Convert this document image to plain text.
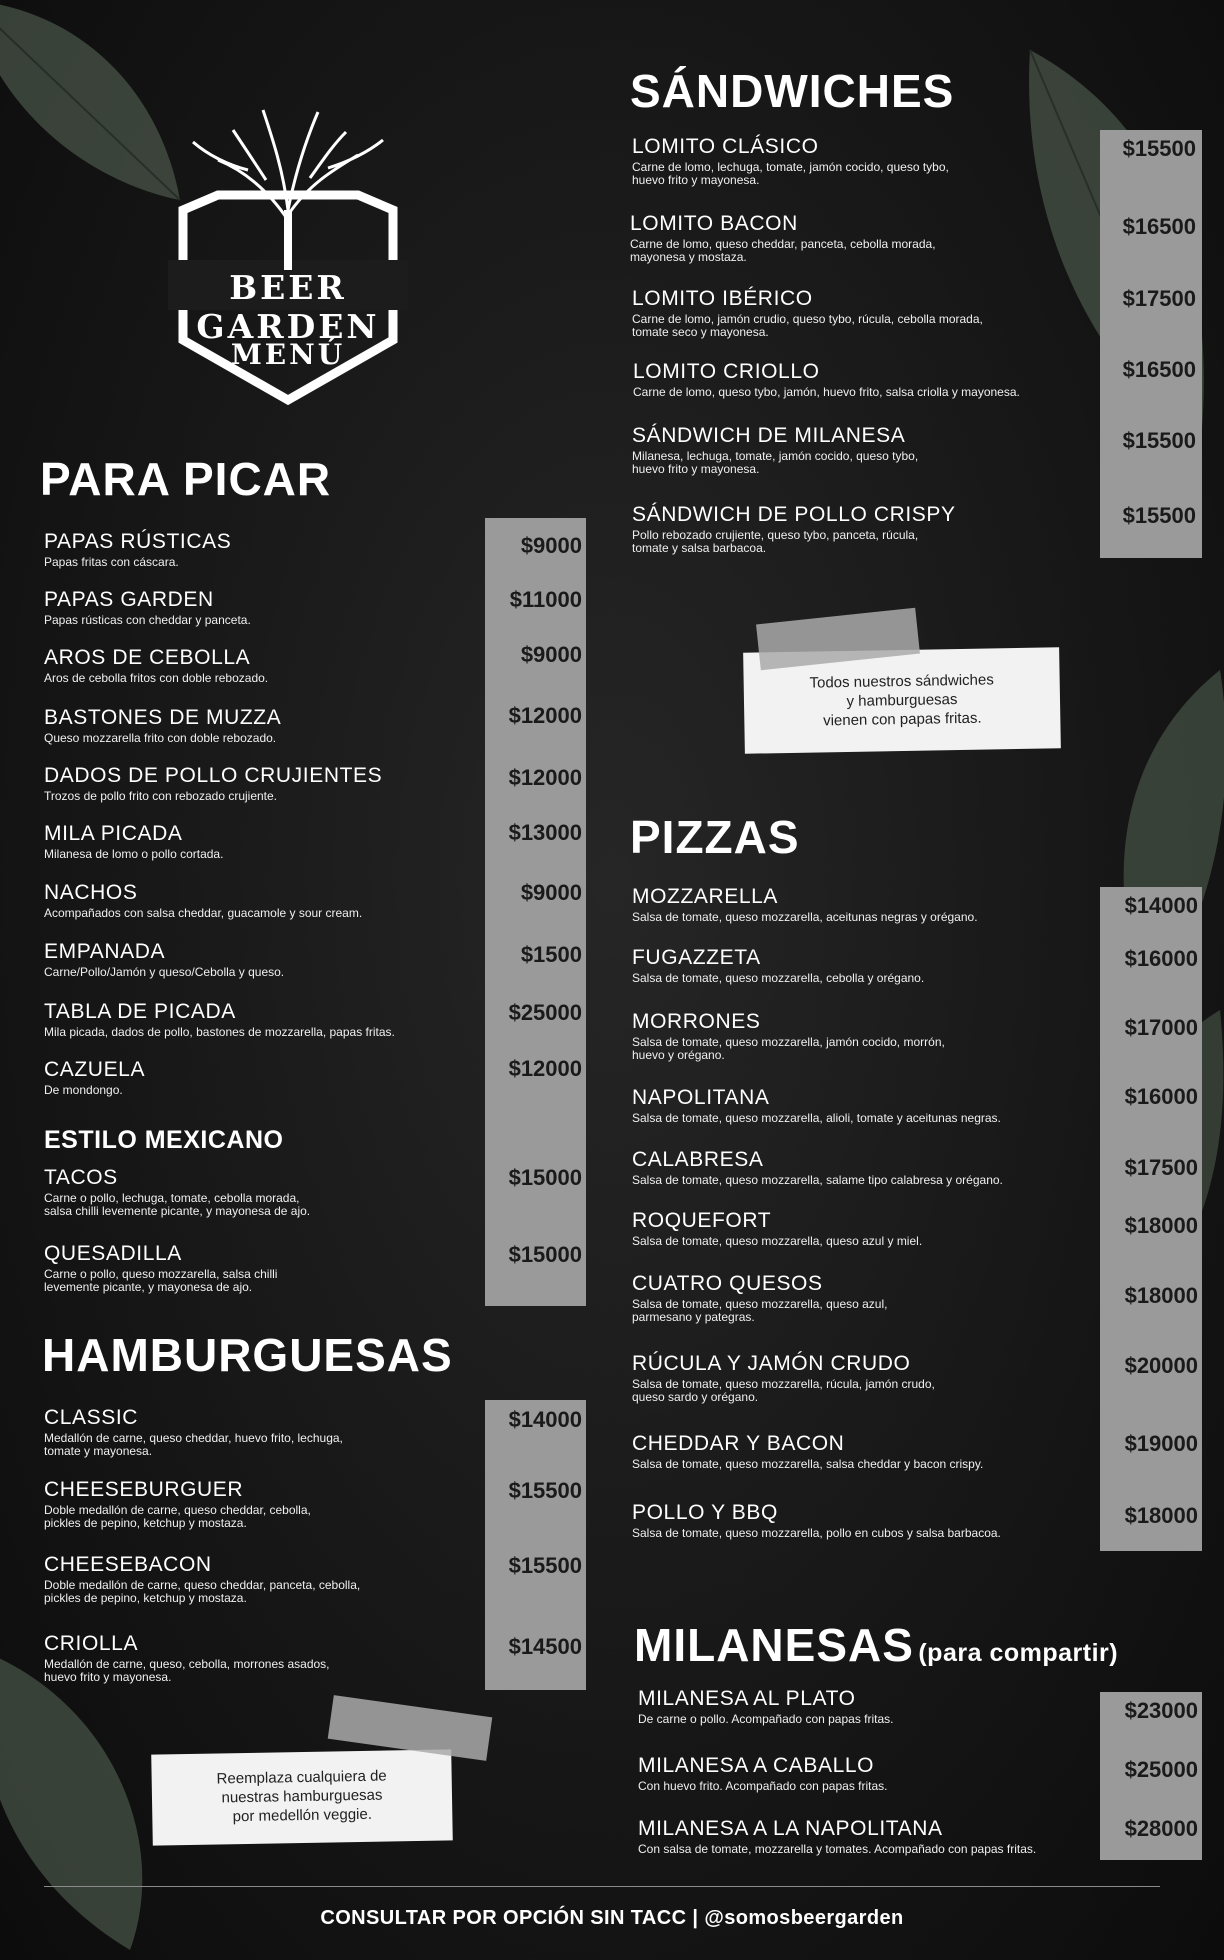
BEER GARDEN
MENÚ
PARA PICAR
PAPAS RÚSTICAS
Papas fritas con cáscara.
$9000
PAPAS GARDEN
Papas rústicas con cheddar y panceta.
$11000
AROS DE CEBOLLA
Aros de cebolla fritos con doble rebozado.
$9000
BASTONES DE MUZZA
Queso mozzarella frito con doble rebozado.
$12000
DADOS DE POLLO CRUJIENTES
Trozos de pollo frito con rebozado crujiente.
$12000
MILA PICADA
Milanesa de lomo o pollo cortada.
$13000
NACHOS
Acompañados con salsa cheddar, guacamole y sour cream.
$9000
EMPANADA
Carne/Pollo/Jamón y queso/Cebolla y queso.
$1500
TABLA DE PICADA
Mila picada, dados de pollo, bastones de mozzarella, papas fritas.
$25000
CAZUELA
De mondongo.
$12000
ESTILO MEXICANO
TACOS
Carne o pollo, lechuga, tomate, cebolla morada,
salsa chilli levemente picante, y mayonesa de ajo.
$15000
QUESADILLA
Carne o pollo, queso mozzarella, salsa chilli
levemente picante, y mayonesa de ajo.
$15000
HAMBURGUESAS
CLASSIC
Medallón de carne, queso cheddar, huevo frito, lechuga,
tomate y mayonesa.
$14000
CHEESEBURGUER
Doble medallón de carne, queso cheddar, cebolla,
pickles de pepino, ketchup y mostaza.
$15500
CHEESEBACON
Doble medallón de carne, queso cheddar, panceta, cebolla,
pickles de pepino, ketchup y mostaza.
$15500
CRIOLLA
Medallón de carne, queso, cebolla, morrones asados,
huevo frito y mayonesa.
$14500
Reemplaza cualquiera de
nuestras hamburguesas
por medellón veggie.
SÁNDWICHES
LOMITO CLÁSICO
Carne de lomo, lechuga, tomate, jamón cocido, queso tybo,
huevo frito y mayonesa.
$15500
LOMITO BACON
Carne de lomo, queso cheddar, panceta, cebolla morada,
mayonesa y mostaza.
$16500
LOMITO IBÉRICO
Carne de lomo, jamón crudio, queso tybo, rúcula, cebolla morada,
tomate seco y mayonesa.
$17500
LOMITO CRIOLLO
Carne de lomo, queso tybo, jamón, huevo frito, salsa criolla y mayonesa.
$16500
SÁNDWICH DE MILANESA
Milanesa, lechuga, tomate, jamón cocido, queso tybo,
huevo frito y mayonesa.
$15500
SÁNDWICH DE POLLO CRISPY
Pollo rebozado crujiente, queso tybo, panceta, rúcula,
tomate y salsa barbacoa.
$15500
Todos nuestros sándwiches
y hamburguesas
vienen con papas fritas.
PIZZAS
MOZZARELLA
Salsa de tomate, queso mozzarella, aceitunas negras y orégano.	$14000
FUGAZZETA
Salsa de tomate, queso mozzarella, cebolla y orégano.
$16000
MORRONES
Salsa de tomate, queso mozzarella, jamón cocido, morrón,
huevo y orégano.
$17000
NAPOLITANA
Salsa de tomate, queso mozzarella, alioli, tomate y aceitunas negras.
$16000
CALABRESA
Salsa de tomate, queso mozzarella, salame tipo calabresa y orégano.	$17500
ROQUEFORT
Salsa de tomate, queso mozzarella, queso azul y miel.
$18000
CUATRO QUESOS
Salsa de tomate, queso mozzarella, queso azul,
parmesano y pategras.
$18000
RÚCULA Y JAMÓN CRUDO
Salsa de tomate, queso mozzarella, rúcula, jamón crudo,
queso sardo y orégano.
$20000
CHEDDAR Y BACON
Salsa de tomate, queso mozzarella, salsa cheddar y bacon crispy.
$19000
POLLO Y BBQ
Salsa de tomate, queso mozzarella, pollo en cubos y salsa barbacoa.
$18000
MILANESAS (para compartir)
MILANESA AL PLATO
De carne o pollo. Acompañado con papas fritas.	$23000
MILANESA A CABALLO
Con huevo frito. Acompañado con papas fritas.
$25000
MILANESA A LA NAPOLITANA
Con salsa de tomate, mozzarella y tomates. Acompañado con papas fritas.
$28000
CONSULTAR POR OPCIÓN SIN TACC | @somosbeergarden
